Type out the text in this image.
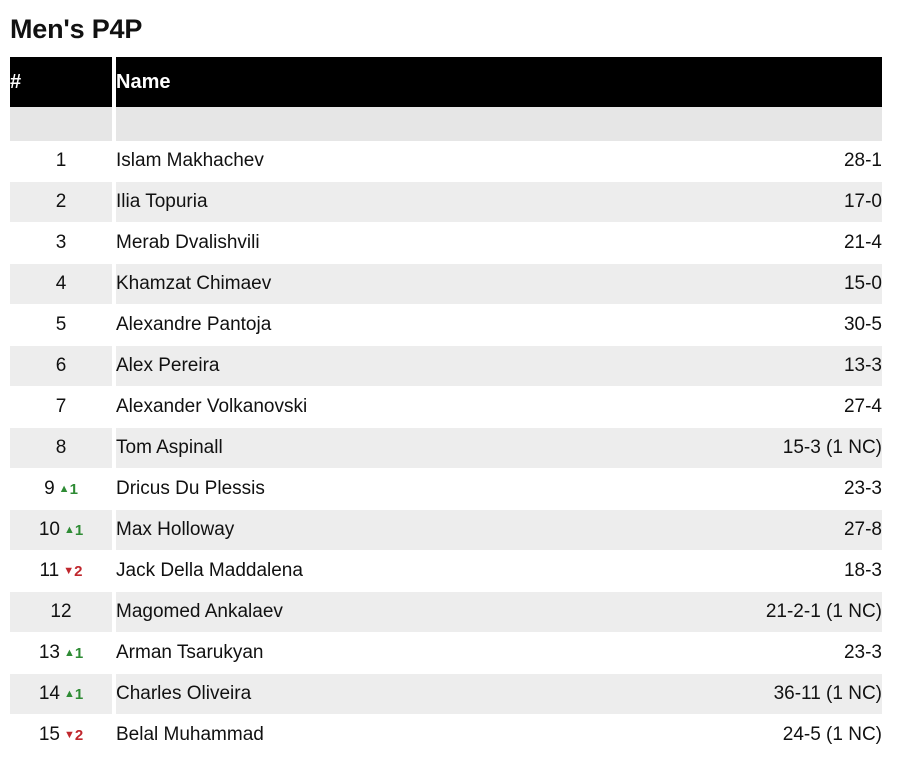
Men's P4P
#	Name	

1	Islam Makhachev	28-1
2	Ilia Topuria	17-0
3	Merab Dvalishvili	21-4
4	Khamzat Chimaev	15-0
5	Alexandre Pantoja	30-5
6	Alex Pereira	13-3
7	Alexander Volkanovski	27-4
8	Tom Aspinall	15-3 (1 NC)
9 ▲1	Dricus Du Plessis	23-3
10 ▲1	Max Holloway	27-8
11 ▼2	Jack Della Maddalena	18-3
12	Magomed Ankalaev	21-2-1 (1 NC)
13 ▲1	Arman Tsarukyan	23-3
14 ▲1	Charles Oliveira	36-11 (1 NC)
15 ▼2	Belal Muhammad	24-5 (1 NC)
